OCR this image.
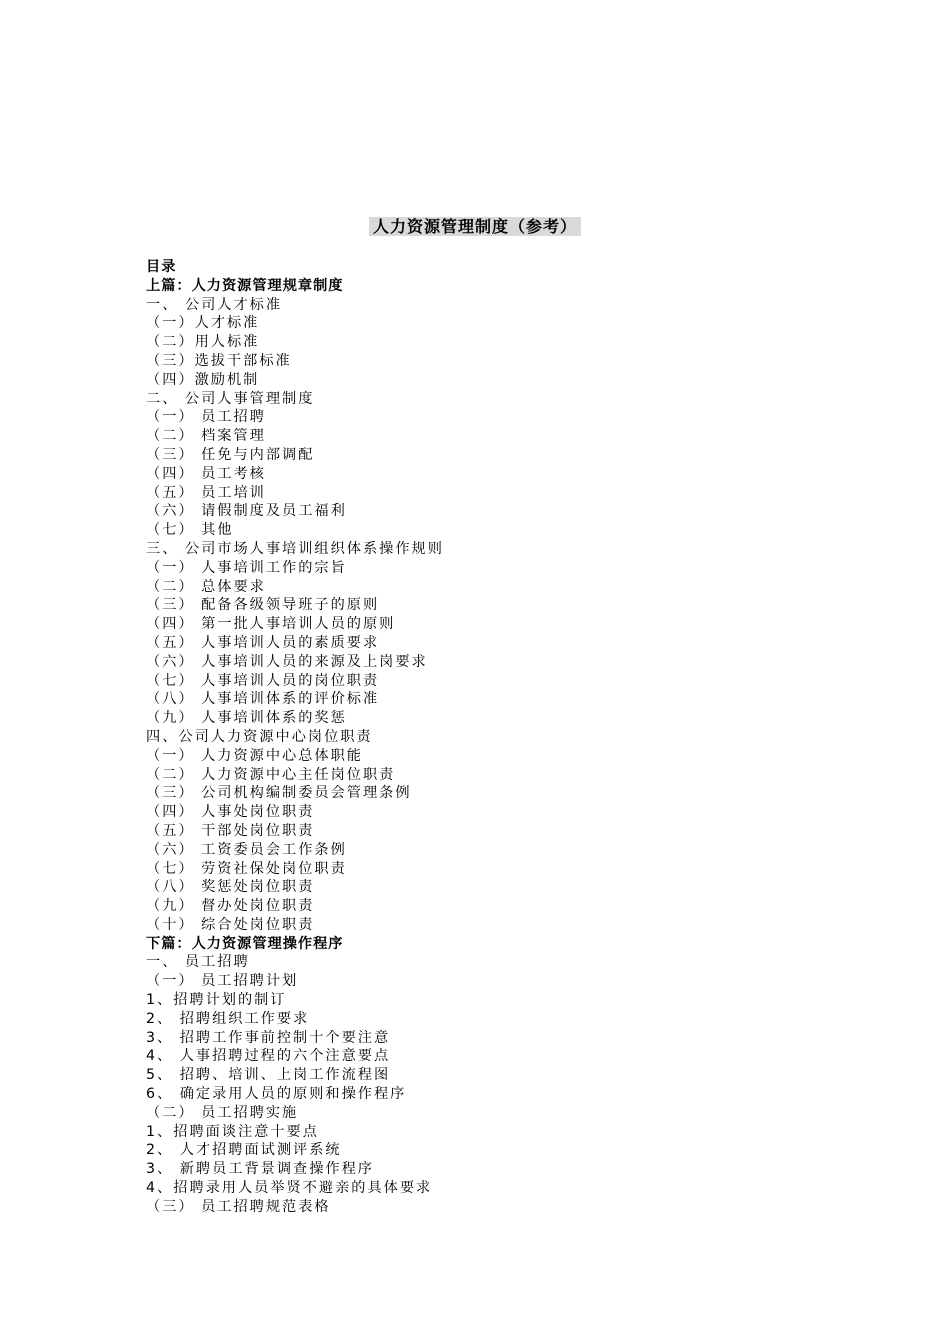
人力资源管理制度（参考）
目录
上篇：人力资源管理规章制度
一、 公司人才标准
（一）人才标准
（二）用人标准
（三）选拔干部标准
（四）激励机制
二、 公司人事管理制度
（一） 员工招聘
（二） 档案管理
（三） 任免与内部调配
（四） 员工考核
（五） 员工培训
（六） 请假制度及员工福利
（七） 其他
三、 公司市场人事培训组织体系操作规则
（一） 人事培训工作的宗旨
（二） 总体要求
（三） 配备各级领导班子的原则
（四） 第一批人事培训人员的原则
（五） 人事培训人员的素质要求
（六） 人事培训人员的来源及上岗要求
（七） 人事培训人员的岗位职责
（八） 人事培训体系的评价标准
（九） 人事培训体系的奖惩
四、公司人力资源中心岗位职责
（一） 人力资源中心总体职能
（二） 人力资源中心主任岗位职责
（三） 公司机构编制委员会管理条例
（四） 人事处岗位职责
（五） 干部处岗位职责
（六） 工资委员会工作条例
（七） 劳资社保处岗位职责
（八） 奖惩处岗位职责
（九） 督办处岗位职责
（十） 综合处岗位职责
下篇：人力资源管理操作程序
一、 员工招聘
（一） 员工招聘计划
1、招聘计划的制订
2、 招聘组织工作要求
3、 招聘工作事前控制十个要注意
4、 人事招聘过程的六个注意要点
5、 招聘、培训、上岗工作流程图
6、 确定录用人员的原则和操作程序
（二） 员工招聘实施
1、招聘面谈注意十要点
2、 人才招聘面试测评系统
3、 新聘员工背景调查操作程序
4、招聘录用人员举贤不避亲的具体要求
（三） 员工招聘规范表格
